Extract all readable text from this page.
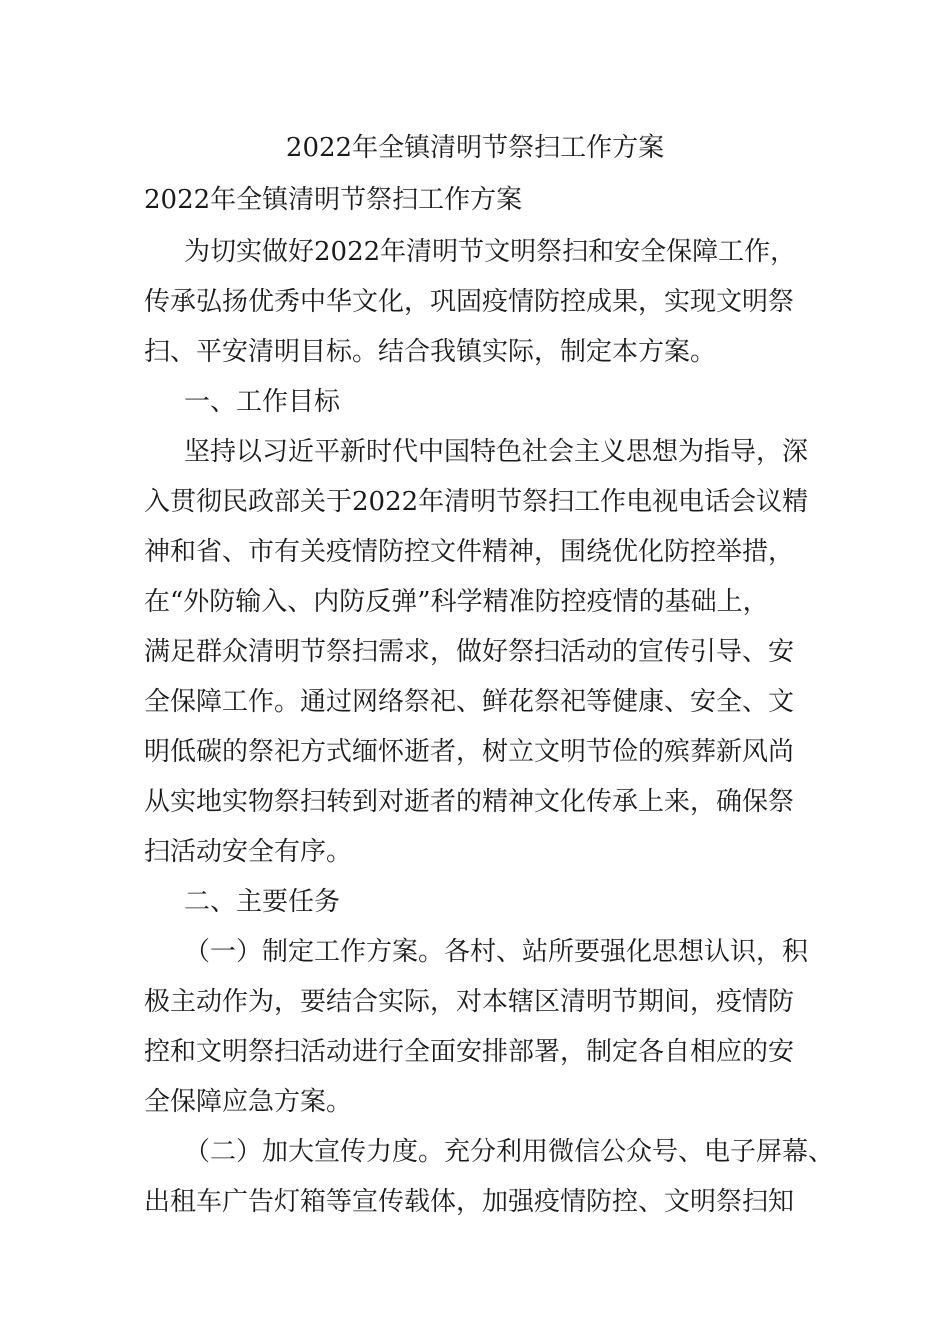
2022年全镇清明节祭扫工作方案
2022年全镇清明节祭扫工作方案

为切实做好2022年清明节文明祭扫和安全保障工作，

传承弘扬优秀中华文化，巩固疫情防控成果，实现文明祭

扫、平安清明目标。结合我镇实际，制定本方案。

一、工作目标

坚持以习近平新时代中国特色社会主义思想为指导，深

入贯彻民政部关于2022年清明节祭扫工作电视电话会议精

神和省、市有关疫情防控文件精神，围绕优化防控举措，

在“外防输入、内防反弹”科学精准防控疫情的基础上，

满足群众清明节祭扫需求，做好祭扫活动的宣传引导、安

全保障工作。通过网络祭祀、鲜花祭祀等健康、安全、文

明低碳的祭祀方式缅怀逝者，树立文明节俭的殡葬新风尚

从实地实物祭扫转到对逝者的精神文化传承上来，确保祭

扫活动安全有序。

二、主要任务

（一）制定工作方案。各村、站所要强化思想认识，积

极主动作为，要结合实际，对本辖区清明节期间，疫情防

控和文明祭扫活动进行全面安排部署，制定各自相应的安

全保障应急方案。

（二）加大宣传力度。充分利用微信公众号、电子屏幕、

出租车广告灯箱等宣传载体，加强疫情防控、文明祭扫知
